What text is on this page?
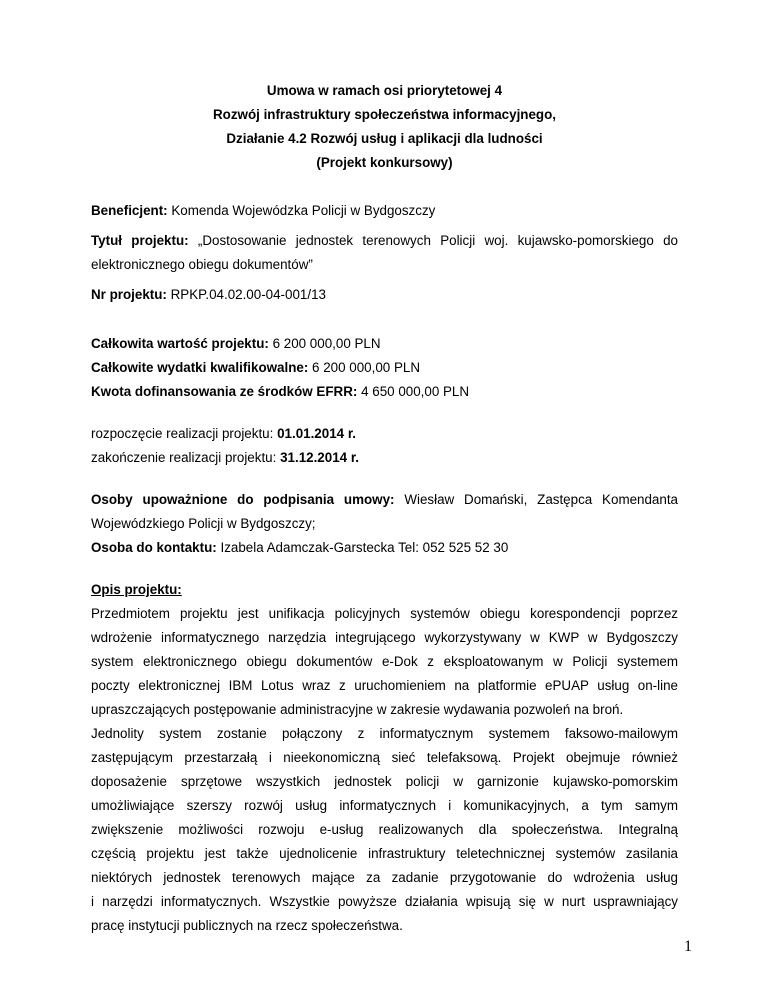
Umowa w ramach osi priorytetowej 4
Rozwój infrastruktury społeczeństwa informacyjnego,
Działanie 4.2 Rozwój usług i aplikacji dla ludności
(Projekt konkursowy)
Beneficjent: Komenda Wojewódzka Policji w Bydgoszczy
Tytuł projektu: „Dostosowanie jednostek terenowych Policji woj. kujawsko-pomorskiego do
elektronicznego obiegu dokumentów”
Nr projektu: RPKP.04.02.00-04-001/13
Całkowita wartość projektu: 6 200 000,00 PLN
Całkowite wydatki kwalifikowalne: 6 200 000,00 PLN
Kwota dofinansowania ze środków EFRR: 4 650 000,00 PLN
rozpoczęcie realizacji projektu: 01.01.2014 r.
zakończenie realizacji projektu: 31.12.2014 r.
Osoby upoważnione do podpisania umowy: Wiesław Domański, Zastępca Komendanta
Wojewódzkiego Policji w Bydgoszczy;
Osoba do kontaktu: Izabela Adamczak-Garstecka Tel: 052 525 52 30
Opis projektu:
Przedmiotem projektu jest unifikacja policyjnych systemów obiegu korespondencji poprzez
wdrożenie informatycznego narzędzia integrującego wykorzystywany w KWP w Bydgoszczy
system elektronicznego obiegu dokumentów e-Dok z eksploatowanym w Policji systemem
poczty elektronicznej IBM Lotus wraz z uruchomieniem na platformie ePUAP usług on-line
upraszczających postępowanie administracyjne w zakresie wydawania pozwoleń na broń.
Jednolity system zostanie połączony z informatycznym systemem faksowo-mailowym
zastępującym przestarzałą i nieekonomiczną sieć telefaksową. Projekt obejmuje również
doposażenie sprzętowe wszystkich jednostek policji w garnizonie kujawsko-pomorskim
umożliwiające szerszy rozwój usług informatycznych i komunikacyjnych, a tym samym
zwiększenie możliwości rozwoju e-usług realizowanych dla społeczeństwa. Integralną
częścią projektu jest także ujednolicenie infrastruktury teletechnicznej systemów zasilania
niektórych jednostek terenowych mające za zadanie przygotowanie do wdrożenia usług
i narzędzi informatycznych. Wszystkie powyższe działania wpisują się w nurt usprawniający
pracę instytucji publicznych na rzecz społeczeństwa.
1
